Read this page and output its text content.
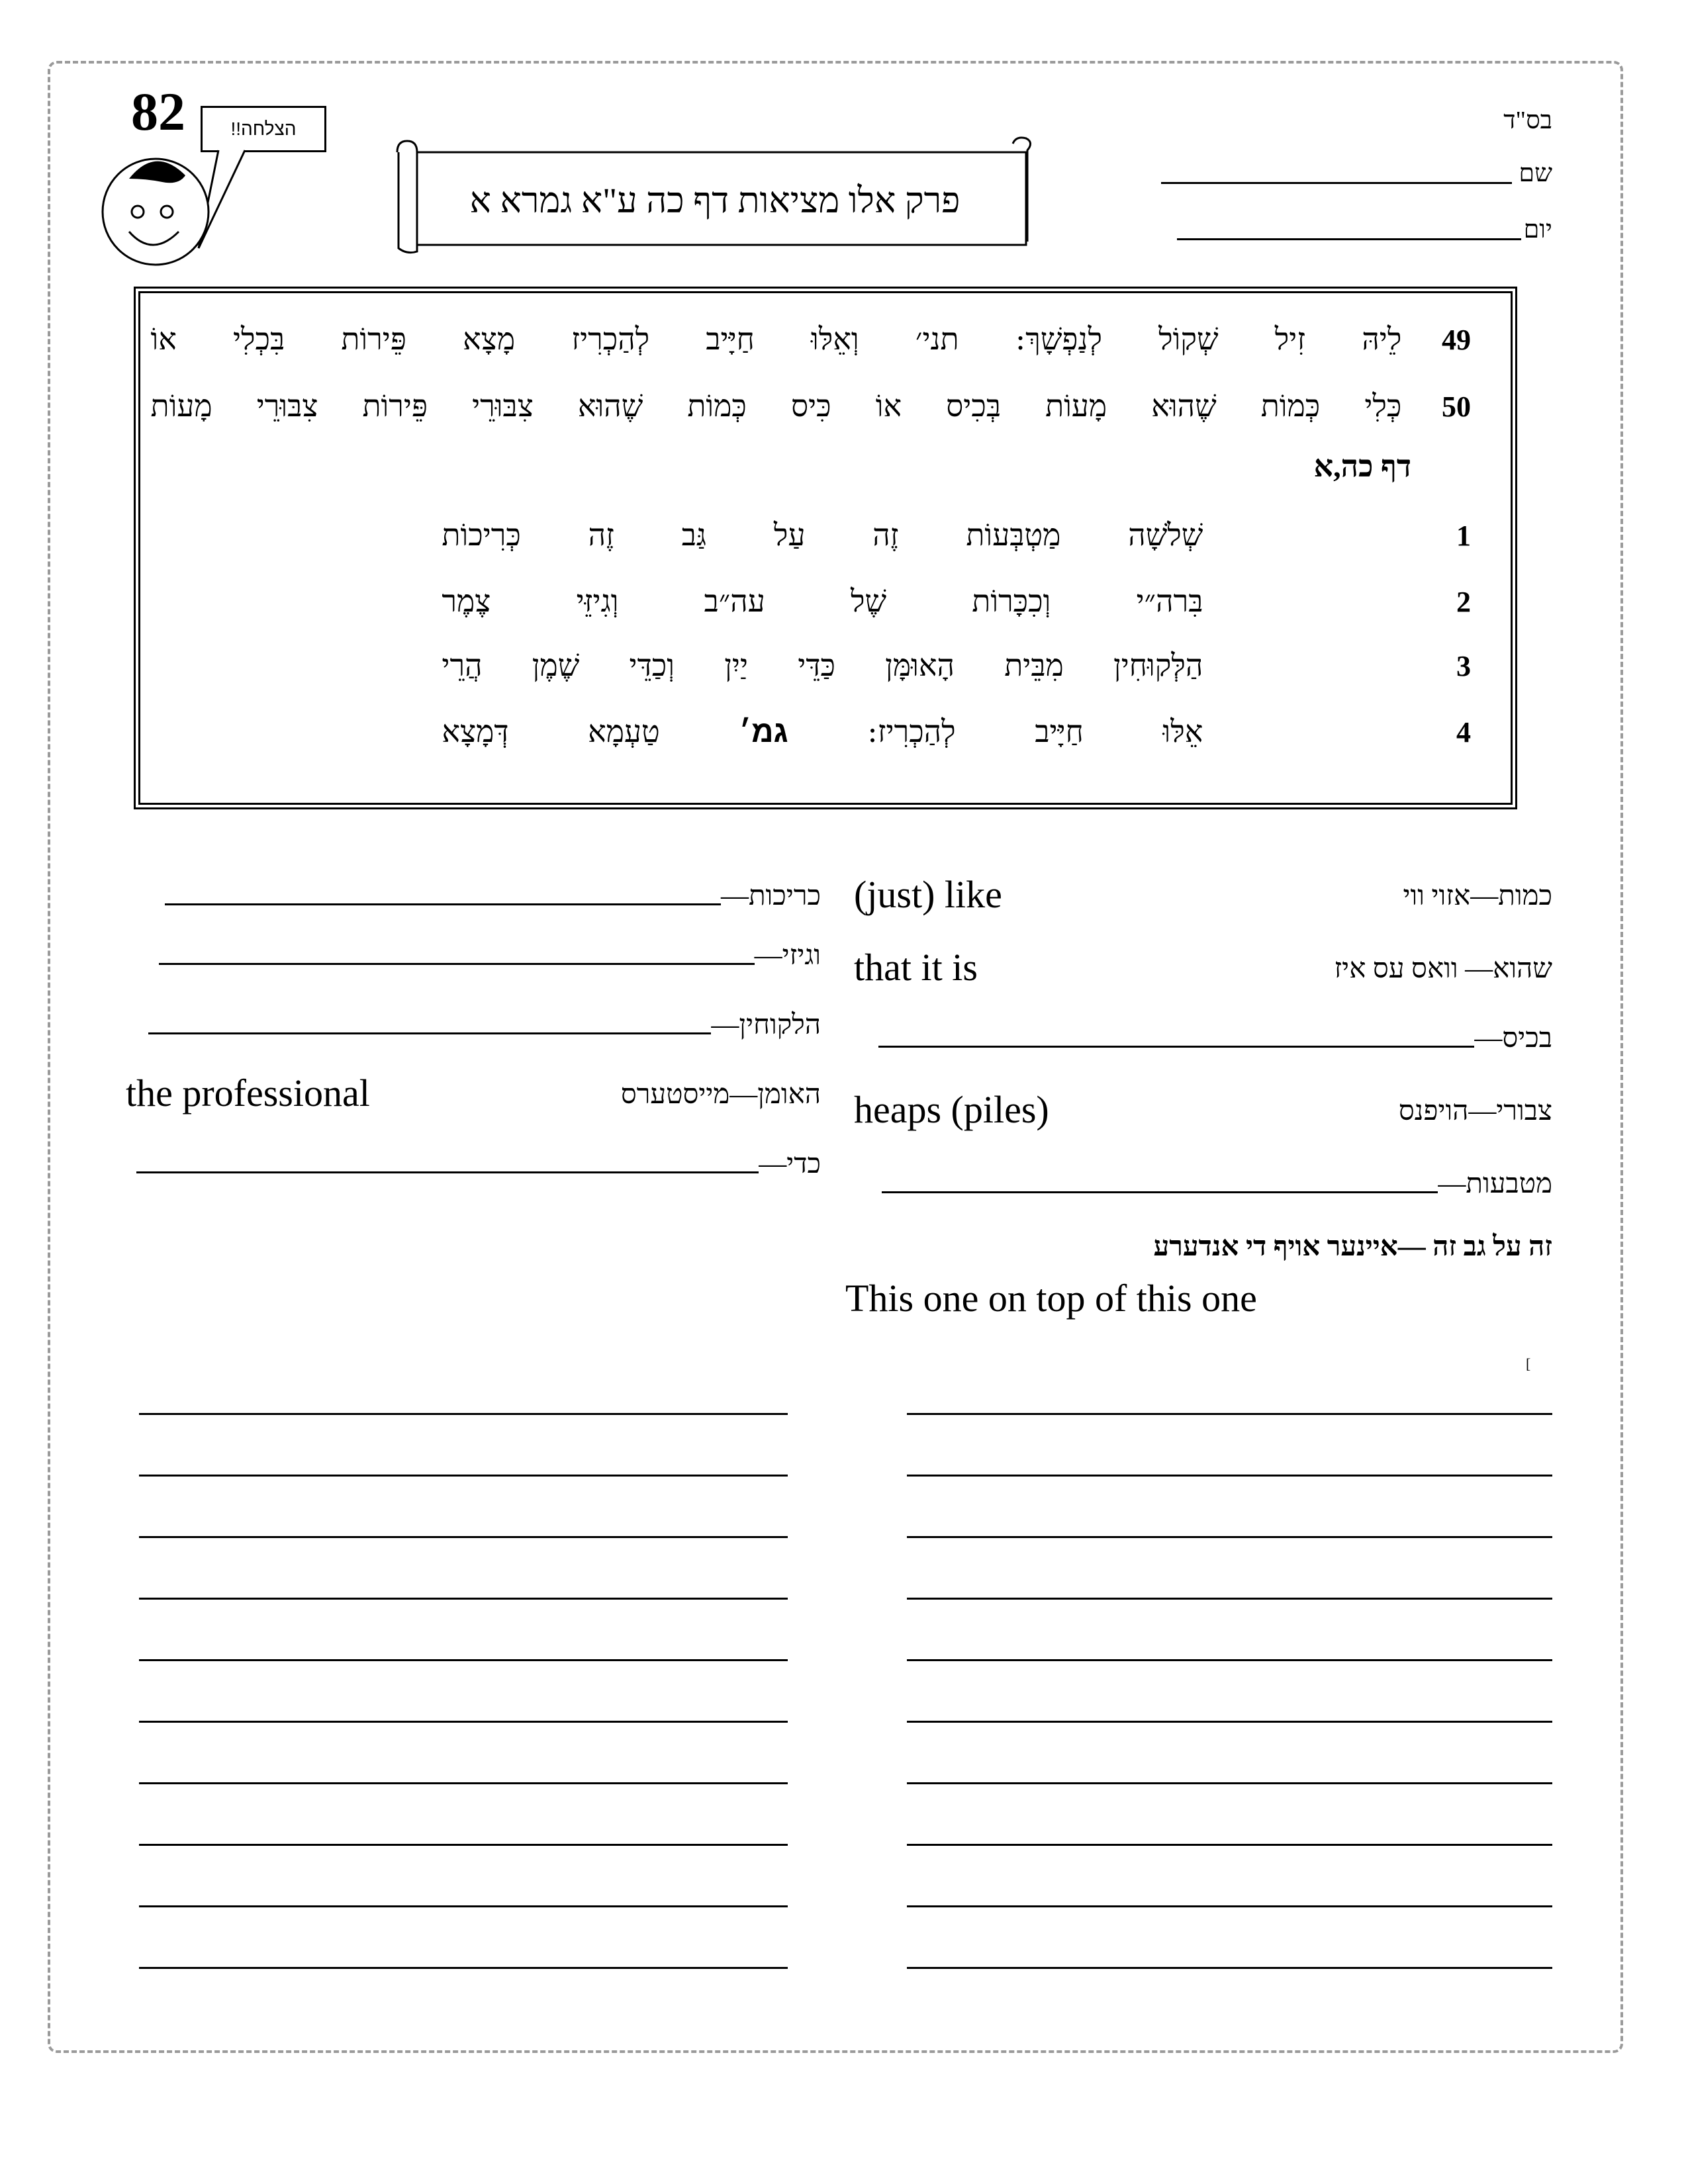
82	הצלחה!!
פרק אלו מציאות דף כה ע"א גמרא א
בס"ד
שם
יום
49
לֵיהּ
זִיל
שְׁקוֹל
לְנַפְשָׁךְ:
תני׳
וְאֵלּוּ
חַיָּיב
לְהַכְרִיז
מָצָא
פֵּירוֹת
בִּכְלִי
אוֹ
50
כְּלִי
כְּמוֹת
שֶׁהוּא
מָעוֹת
בְּכִיס
אוֹ
כִּיס
כְּמוֹת
שֶׁהוּא
צִבּוּרֵי
פֵּירוֹת
צִבּוּרֵי
מָעוֹת
דף כה,א
1
שְׁלֹשָׁה
מַטְבְּעוֹת
זֶה
עַל
גַּב
זֶה
כְּרִיכוֹת
2
בִּרה״י
וְכִכָּרוֹת
שֶׁל
עה״ב
וְגִיזֵּי
צֶמֶר
3
הַלְּקוּחִין
מִבֵּית
הָאוּמָּן
כַּדֵּי
יַיִן
וְכַדֵּי
שֶׁמֶן
הֲרֵי
4
אֵלּוּ
חַיָּיב
לְהַכְרִיז:
גמ׳
טַעְמָא
דְּמָצָא
כמות—אזוי ווי
(just) like
שהוא— וואס עס איז
that it is
בכיס—
צבורי—הויפנס
heaps (piles)
מטבעות—
זה על גב זה —איינער אויף די אנדערע
This one on top of this one
כריכות—
וגיזי—
הלקוחין—
האומן—מייסטערס
the professional
כדי—
[
